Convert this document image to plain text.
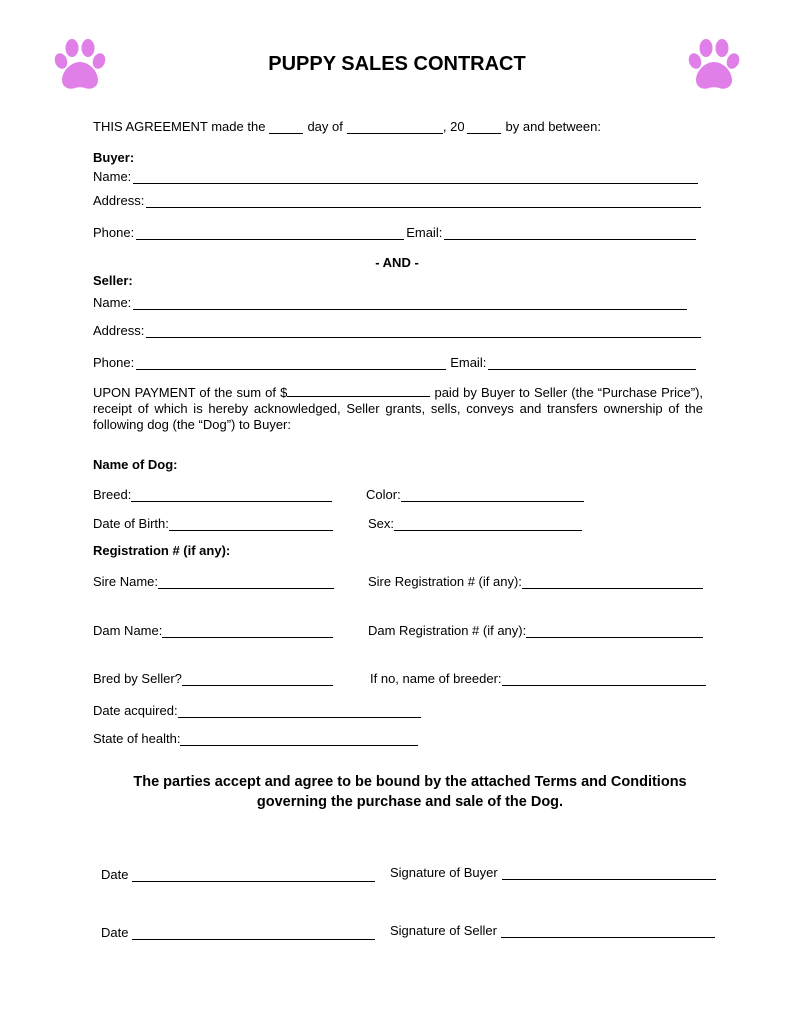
PUPPY SALES CONTRACT
THIS AGREEMENT made the	day of	, 20	by and between:
Buyer:
Name:
Address:
Phone:	Email:
- AND -
Seller:
Name:
Address:
Phone:	Email:
UPON PAYMENT of the sum of $	paid by Buyer to Seller (the “Purchase Price”), receipt of which is hereby acknowledged, Seller grants, sells, conveys and transfers ownership of the following dog (the “Dog”) to Buyer:
Name of Dog:
Breed:	Color:
Date of Birth:	Sex:
Registration # (if any):
Sire Name:	Sire Registration # (if any):
Dam Name:	Dam Registration # (if any):
Bred by Seller?	If no, name of breeder:
Date acquired:
State of health:
The parties accept and agree to be bound by the attached Terms and Conditions governing the purchase and sale of the Dog.
Date	Signature of Buyer
Date	Signature of Seller
